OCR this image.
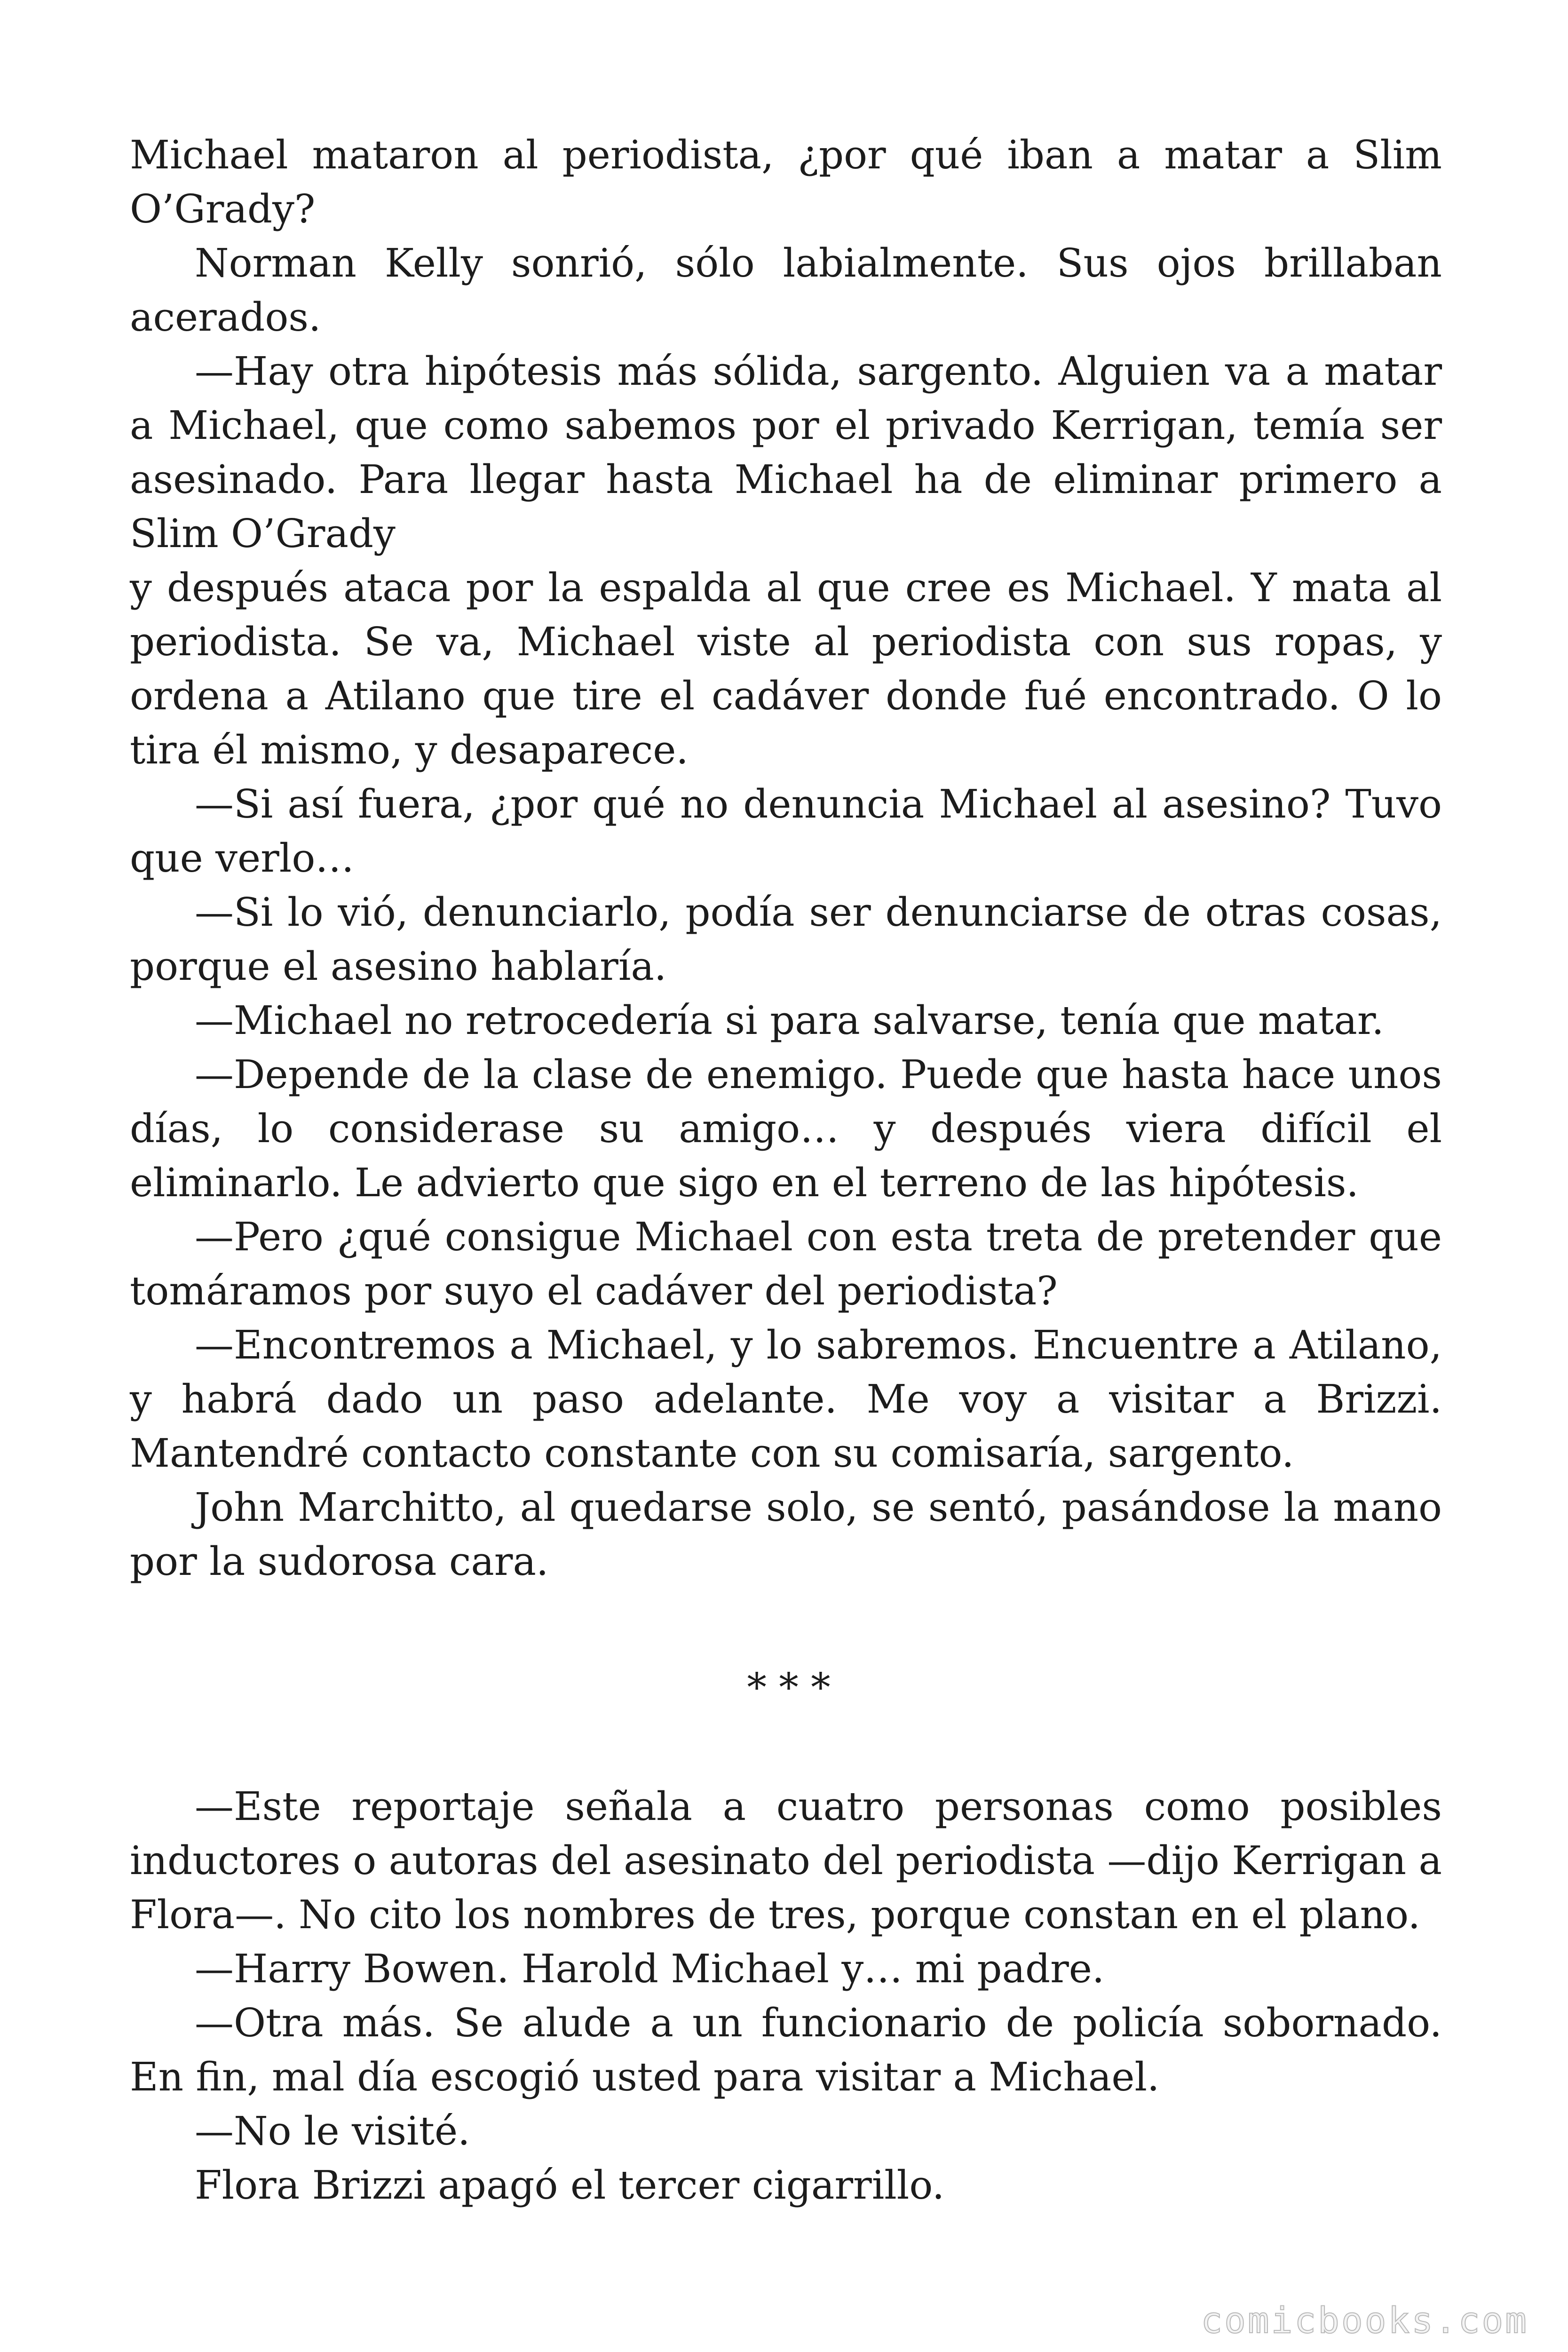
Michael mataron al periodista, ¿por qué iban a matar a Slim O’Grady?

Norman Kelly sonrió, sólo labialmente. Sus ojos brillaban acerados.

—Hay otra hipótesis más sólida, sargento. Alguien va a matar a Michael, que como sabemos por el privado Kerrigan, temía ser asesinado. Para llegar hasta Michael ha de eliminar primero a Slim O’Grady

y después ataca por la espalda al que cree es Michael. Y mata al periodista. Se va, Michael viste al periodista con sus ropas, y ordena a Atilano que tire el cadáver donde fué encontrado. O lo tira él mismo, y desaparece.

—Si así fuera, ¿por qué no denuncia Michael al asesino? Tuvo que verlo…

—Si lo vió, denunciarlo, podía ser denunciarse de otras cosas, porque el asesino hablaría.

—Michael no retrocedería si para salvarse, tenía que matar.

—Depende de la clase de enemigo. Puede que hasta hace unos días, lo considerase su amigo… y después viera difícil el eliminarlo. Le advierto que sigo en el terreno de las hipótesis.

—Pero ¿qué consigue Michael con esta treta de pretender que tomáramos por suyo el cadáver del periodista?

—Encontremos a Michael, y lo sabremos. Encuentre a Atilano, y habrá dado un paso adelante. Me voy a visitar a Brizzi. Mantendré contacto constante con su comisaría, sargento.

John Marchitto, al quedarse solo, se sentó, pasándose la mano por la sudorosa cara.

* * *

—Este reportaje señala a cuatro personas como posibles inductores o autoras del asesinato del periodista —dijo Kerrigan a Flora—. No cito los nombres de tres, porque constan en el plano.

—Harry Bowen. Harold Michael y… mi padre.

—Otra más. Se alude a un funcionario de policía sobornado. En fin, mal día escogió usted para visitar a Michael.

—No le visité.

Flora Brizzi apagó el tercer cigarrillo.

comicbooks.com
